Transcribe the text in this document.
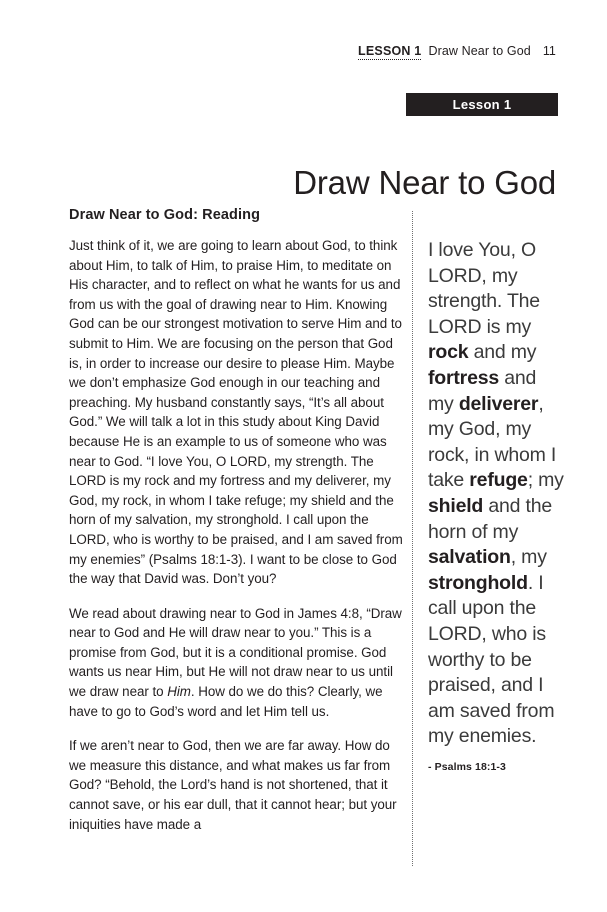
LESSON 1 Draw Near to God 11
Lesson 1
Draw Near to God
Draw Near to God: Reading

Just think of it, we are going to learn about God, to think about Him, to talk of Him, to praise Him, to meditate on His character, and to reflect on what he wants for us and from us with the goal of drawing near to Him. Knowing God can be our strongest motivation to serve Him and to submit to Him. We are focusing on the person that God is, in order to increase our desire to please Him. Maybe we don’t emphasize God enough in our teaching and preaching. My husband constantly says, “It’s all about God.” We will talk a lot in this study about King David because He is an example to us of someone who was near to God. “I love You, O LORD, my strength. The LORD is my rock and my fortress and my deliverer, my God, my rock, in whom I take refuge; my shield and the horn of my salvation, my stronghold. I call upon the LORD, who is worthy to be praised, and I am saved from my enemies” (Psalms 18:1-3). I want to be close to God the way that David was. Don’t you?

We read about drawing near to God in James 4:8, “Draw near to God and He will draw near to you.” This is a promise from God, but it is a conditional promise. God wants us near Him, but He will not draw near to us until we draw near to Him. How do we do this? Clearly, we have to go to God’s word and let Him tell us.

If we aren’t near to God, then we are far away. How do we measure this distance, and what makes us far from God? “Behold, the Lord’s hand is not shortened, that it cannot save, or his ear dull, that it cannot hear; but your iniquities have made a

I love You, O LORD, my strength. The LORD is my rock and my fortress and my deliverer, my God, my rock, in whom I take refuge; my shield and the horn of my salvation, my stronghold. I call upon the LORD, who is worthy to be praised, and I am saved from my enemies.

- Psalms 18:1-3
